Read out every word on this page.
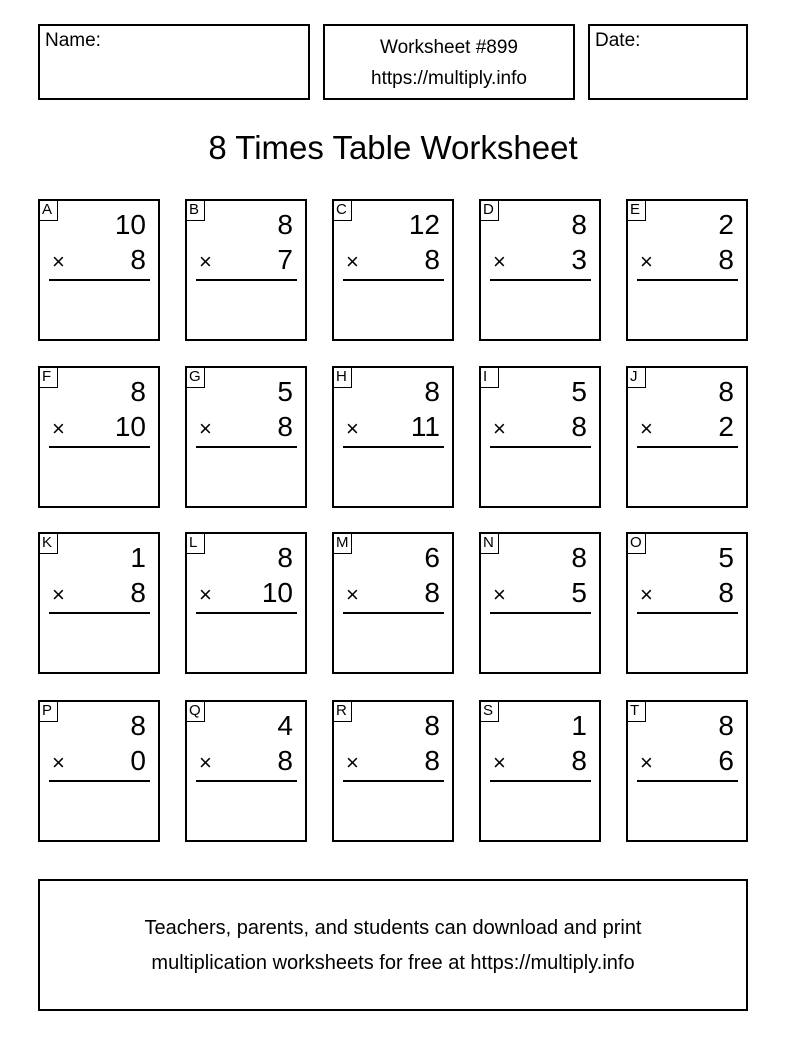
Name:	Worksheet #899
https://multiply.info
Date:
8 Times Table Worksheet
A 10
× 8
B	8
× 7
C 12
× 8
D	8
× 3
E	2
× 8
F	8
× 10
G	5
× 8
H	8
× 11
I	5
× 8
J	8
× 2
K	1
× 8
L	8
× 10
M	6
× 8
N	8
× 5
O	5
× 8
P	8
× 0
Q	4
× 8
R	8
× 8
S	1
× 8
T	8
× 6
Teachers, parents, and students can download and print
multiplication worksheets for free at https://multiply.info
